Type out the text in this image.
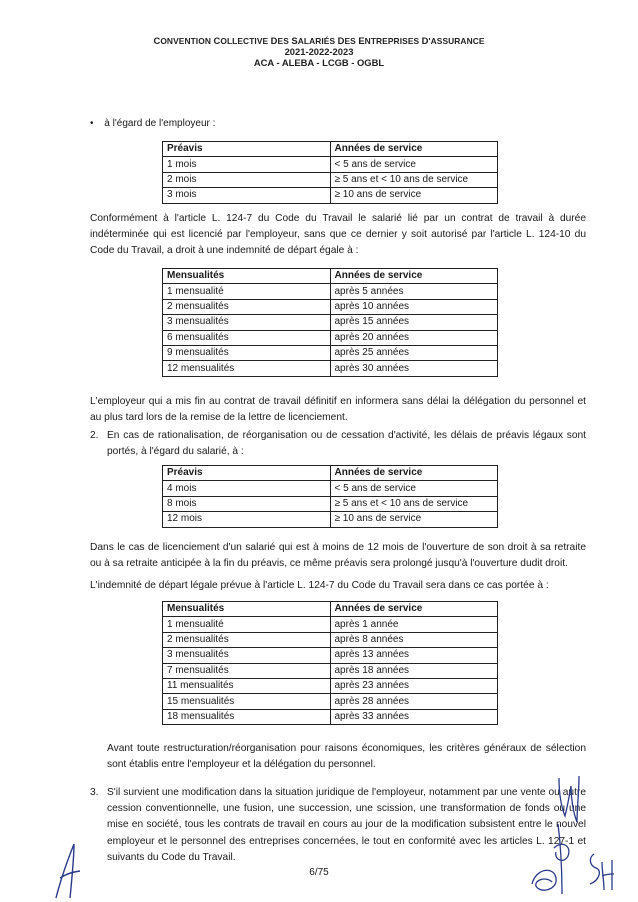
CONVENTION COLLECTIVE DES SALARIÉS DES ENTREPRISES D'ASSURANCE
2021-2022-2023
ACA - ALEBA - LCGB - OGBL
• à l'égard de l'employeur :
Préavis	Années de service
1 mois	< 5 ans de service
2 mois	≥ 5 ans et < 10 ans de service
3 mois	≥ 10 ans de service
Conformément à l'article L. 124-7 du Code du Travail le salarié lié par un contrat de travail à durée indéterminée qui est licencié par l'employeur, sans que ce dernier y soit autorisé par l'article L. 124-10 du Code du Travail, a droit à une indemnité de départ égale à :
Mensualités	Années de service
1 mensualité	après 5 années
2 mensualités	après 10 années
3 mensualités	après 15 années
6 mensualités	après 20 années
9 mensualités	après 25 années
12 mensualités	après 30 années
L'employeur qui a mis fin au contrat de travail définitif en informera sans délai la délégation du personnel et au plus tard lors de la remise de la lettre de licenciement.
2. En cas de rationalisation, de réorganisation ou de cessation d'activité, les délais de préavis légaux sont portés, à l'égard du salarié, à :
Préavis	Années de service
4 mois	< 5 ans de service
8 mois	≥ 5 ans et < 10 ans de service
12 mois	≥ 10 ans de service
Dans le cas de licenciement d'un salarié qui est à moins de 12 mois de l'ouverture de son droit à sa retraite ou à sa retraite anticipée à la fin du préavis, ce même préavis sera prolongé jusqu'à l'ouverture dudit droit.
L'indemnité de départ légale prévue à l'article L. 124-7 du Code du Travail sera dans ce cas portée à :
Mensualités	Années de service
1 mensualité	après 1 année
2 mensualités	après 8 années
3 mensualités	après 13 années
7 mensualités	après 18 années
11 mensualités	après 23 années
15 mensualités	après 28 années
18 mensualités	après 33 années
Avant toute restructuration/réorganisation pour raisons économiques, les critères généraux de sélection sont établis entre l'employeur et la délégation du personnel.
3. S'il survient une modification dans la situation juridique de l'employeur, notamment par une vente ou autre cession conventionnelle, une fusion, une succession, une scission, une transformation de fonds ou une mise en société, tous les contrats de travail en cours au jour de la modification subsistent entre le nouvel employeur et le personnel des entreprises concernées, le tout en conformité avec les articles L. 127-1 et suivants du Code du Travail.
6/75
